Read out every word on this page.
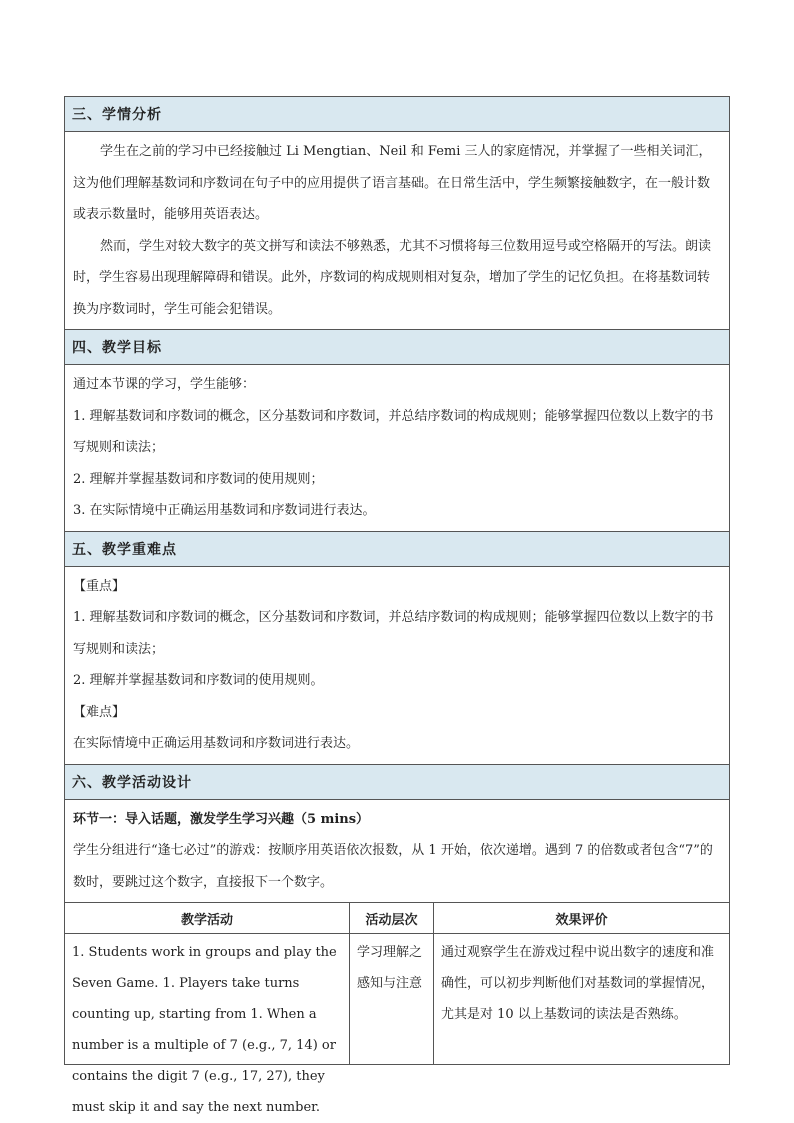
三、学情分析		

学生在之前的学习中已经接触过 Li Mengtian、Neil 和 Femi 三人的家庭情况，并掌握了一些相关词汇，这为他们理解基数词和序数词在句子中的应用提供了语言基础。在日常生活中，学生频繁接触数字，在一般计数或表示数量时，能够用英语表达。

然而，学生对较大数字的英文拼写和读法不够熟悉，尤其不习惯将每三位数用逗号或空格隔开的写法。朗读时，学生容易出现理解障碍和错误。此外，序数词的构成规则相对复杂，增加了学生的记忆负担。在将基数词转换为序数词时，学生可能会犯错误。		

四、教学目标		

通过本节课的学习，学生能够：

1. 理解基数词和序数词的概念，区分基数词和序数词，并总结序数词的构成规则；能够掌握四位数以上数字的书写规则和读法；

2. 理解并掌握基数词和序数词的使用规则；

3. 在实际情境中正确运用基数词和序数词进行表达。		

五、教学重难点		

【重点】

1. 理解基数词和序数词的概念，区分基数词和序数词，并总结序数词的构成规则；能够掌握四位数以上数字的书写规则和读法；

2. 理解并掌握基数词和序数词的使用规则。

【难点】

在实际情境中正确运用基数词和序数词进行表达。		

六、教学活动设计		

环节一：导入话题，激发学生学习兴趣（5 mins）

学生分组进行“逢七必过”的游戏：按顺序用英语依次报数，从 1 开始，依次递增。遇到 7 的倍数或者包含“7”的数时，要跳过这个数字，直接报下一个数字。		

教学活动	活动层次	效果评价

1. Students work in groups and play the Seven Game. 1. Players take turns counting up, starting from 1. When a number is a multiple of 7 (e.g., 7, 14) or contains the digit 7 (e.g., 17, 27), they must skip it and say the next number.	学习理解之感知与注意	通过观察学生在游戏过程中说出数字的速度和准确性，可以初步判断他们对基数词的掌握情况，尤其是对 10 以上基数词的读法是否熟练。
